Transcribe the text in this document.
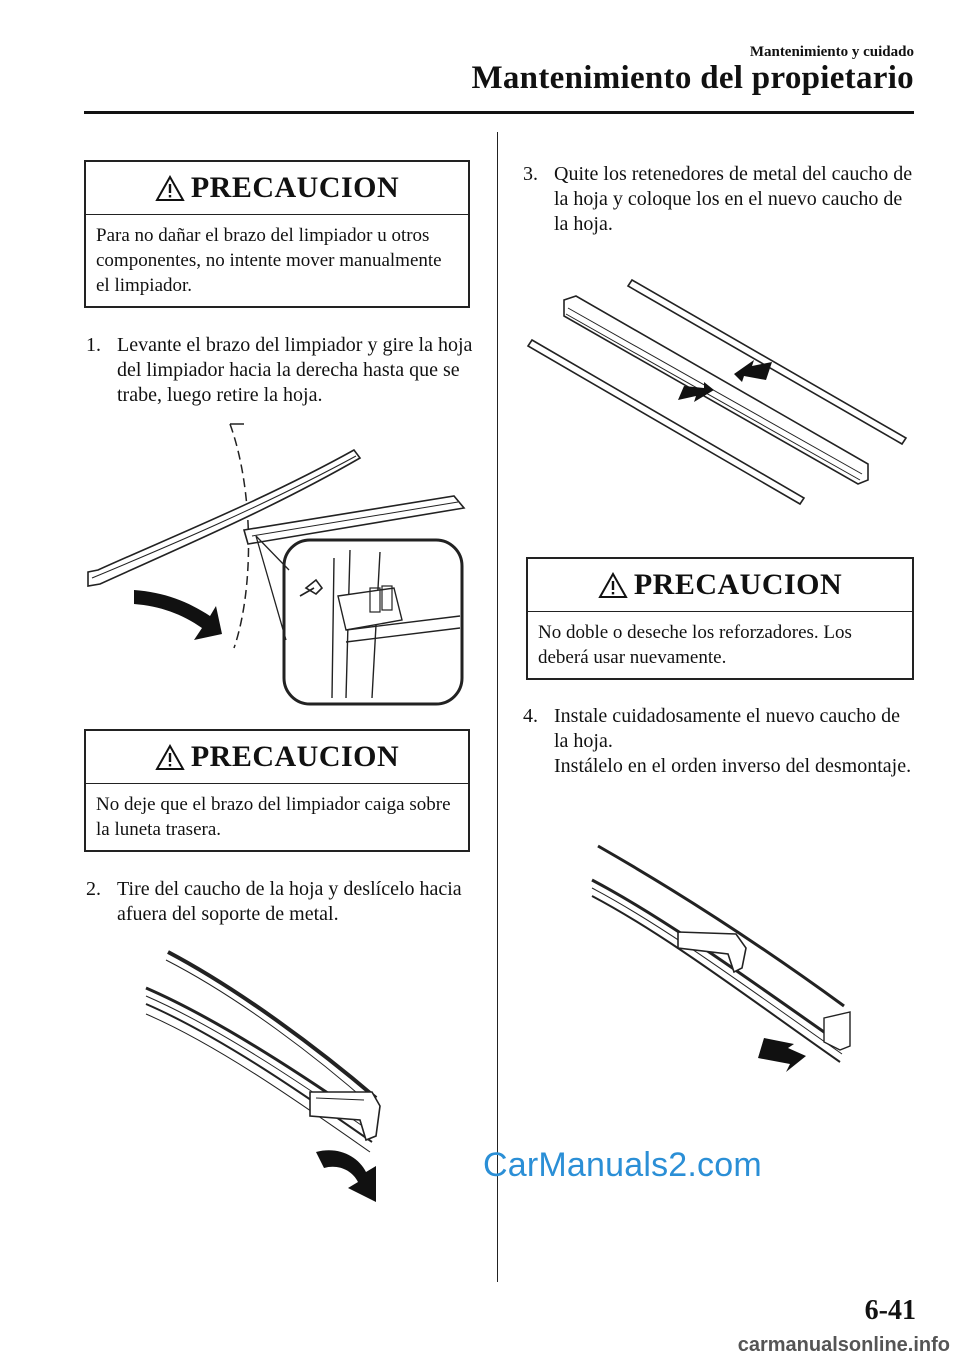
Mantenimiento y cuidado
Mantenimiento del propietario
PRECAUCION
Para no dañar el brazo del limpiador u otros componentes, no intente mover manualmente el limpiador.
1. Levante el brazo del limpiador y gire la hoja del limpiador hacia la derecha hasta que se trabe, luego retire la hoja.
PRECAUCION
No deje que el brazo del limpiador caiga sobre la luneta trasera.
2. Tire del caucho de la hoja y deslícelo hacia afuera del soporte de metal.
3. Quite los retenedores de metal del caucho de la hoja y coloque los en el nuevo caucho de la hoja.
PRECAUCION
No doble o deseche los reforzadores. Los deberá usar nuevamente.
4. Instale cuidadosamente el nuevo caucho de la hoja.
Instálelo en el orden inverso del desmontaje.
CarManuals2.com
6-41
carmanualsonline.info
